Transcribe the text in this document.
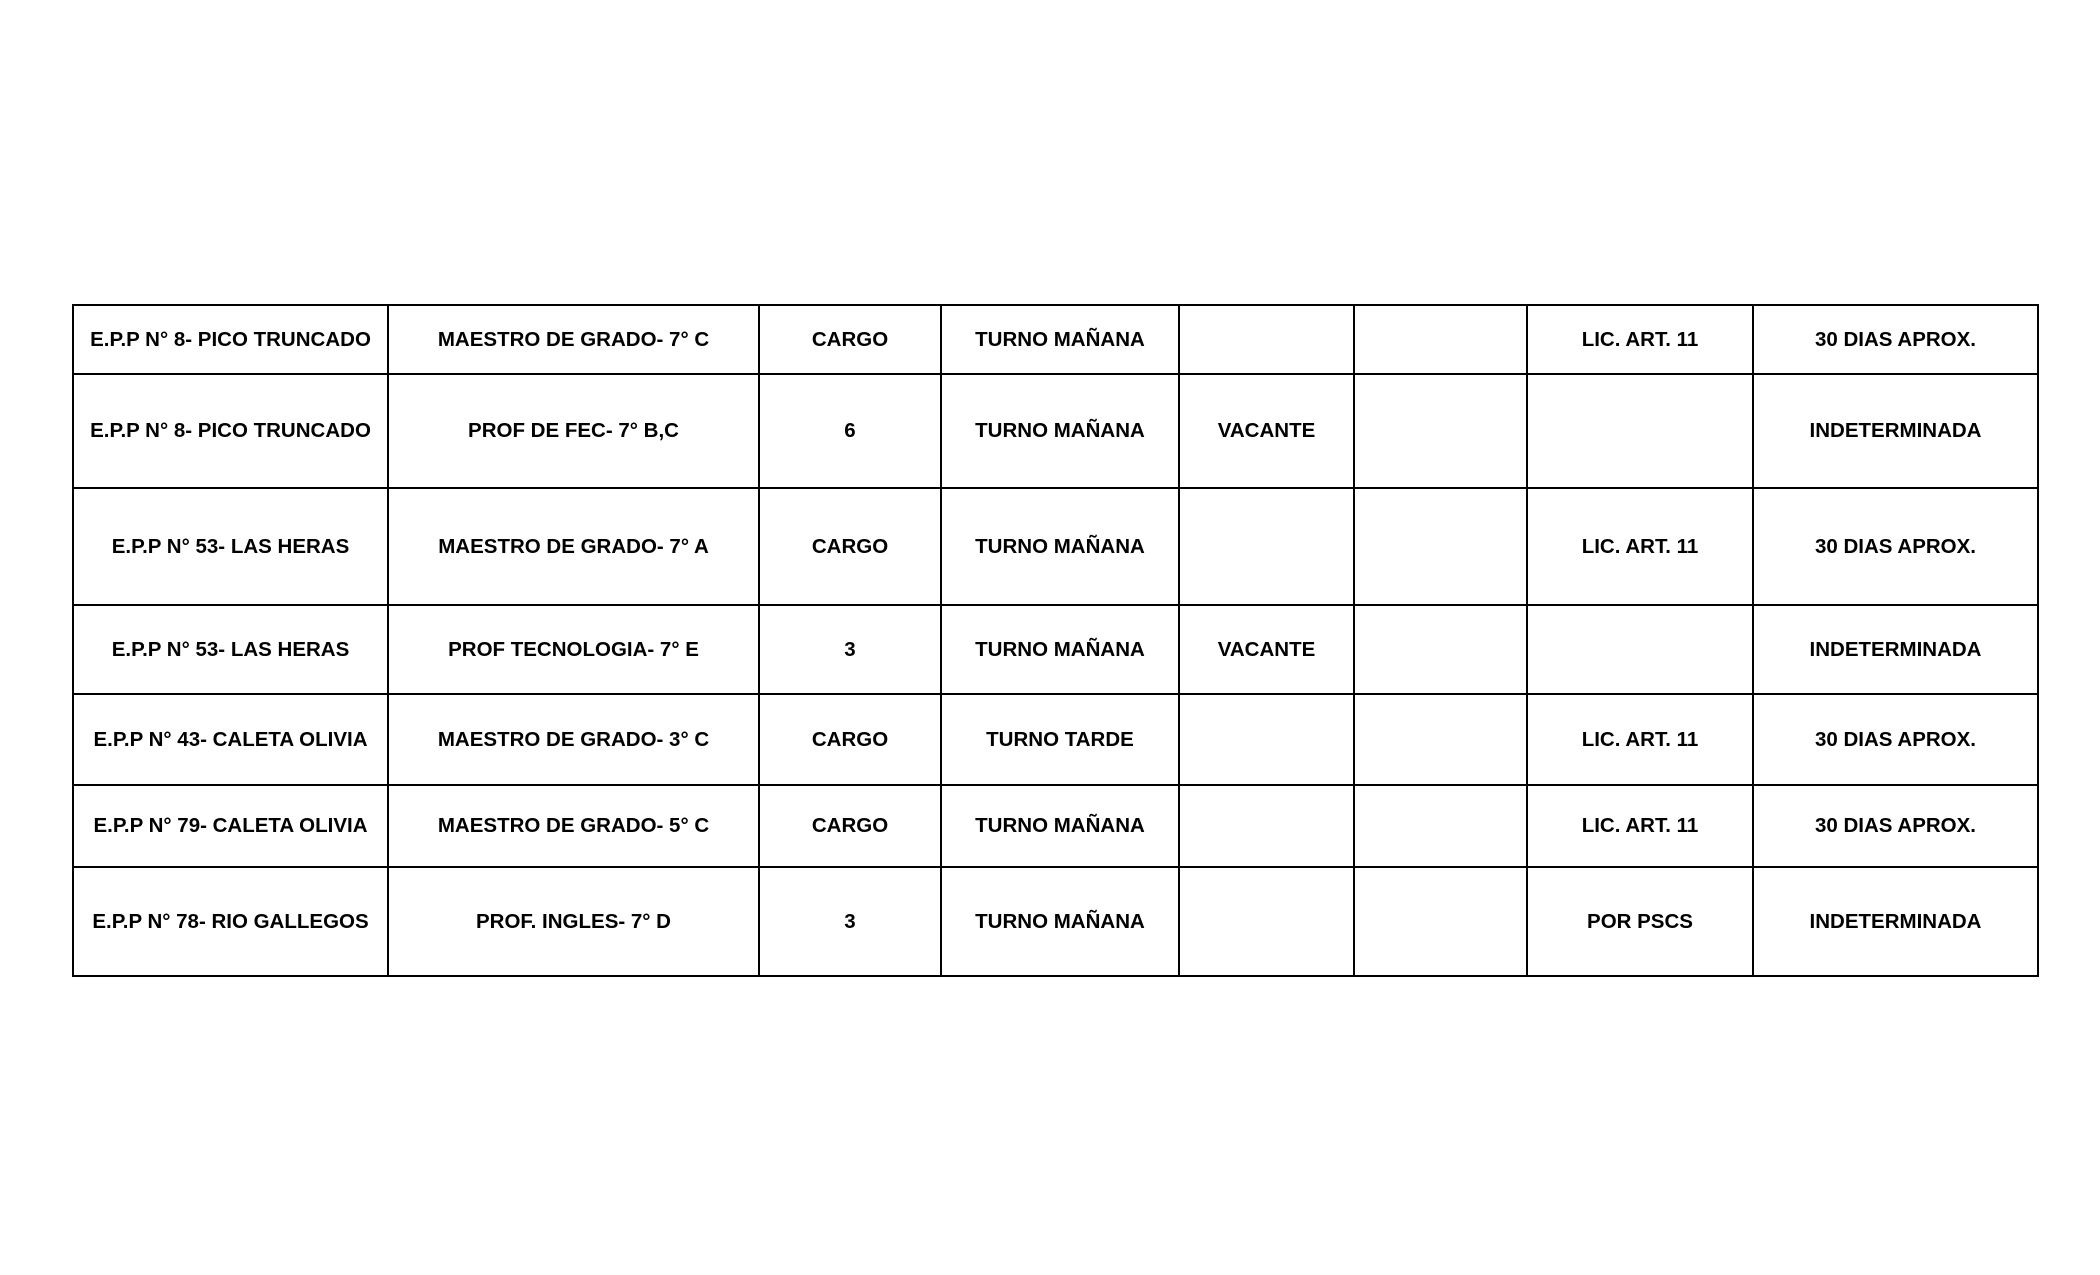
E.P.P N° 8- PICO TRUNCADO	MAESTRO DE GRADO- 7° C	CARGO	TURNO MAÑANA			LIC. ART. 11	30 DIAS APROX.
E.P.P N° 8- PICO TRUNCADO	PROF DE FEC- 7° B,C	6	TURNO MAÑANA	VACANTE			INDETERMINADA
E.P.P N° 53- LAS HERAS	MAESTRO DE GRADO- 7° A	CARGO	TURNO MAÑANA			LIC. ART. 11	30 DIAS APROX.
E.P.P N° 53- LAS HERAS	PROF TECNOLOGIA- 7° E	3	TURNO MAÑANA	VACANTE			INDETERMINADA
E.P.P N° 43- CALETA OLIVIA	MAESTRO DE GRADO- 3° C	CARGO	TURNO TARDE			LIC. ART. 11	30 DIAS APROX.
E.P.P N° 79- CALETA OLIVIA	MAESTRO DE GRADO- 5° C	CARGO	TURNO MAÑANA			LIC. ART. 11	30 DIAS APROX.
E.P.P N° 78- RIO GALLEGOS	PROF. INGLES- 7° D	3	TURNO MAÑANA			POR PSCS	INDETERMINADA
